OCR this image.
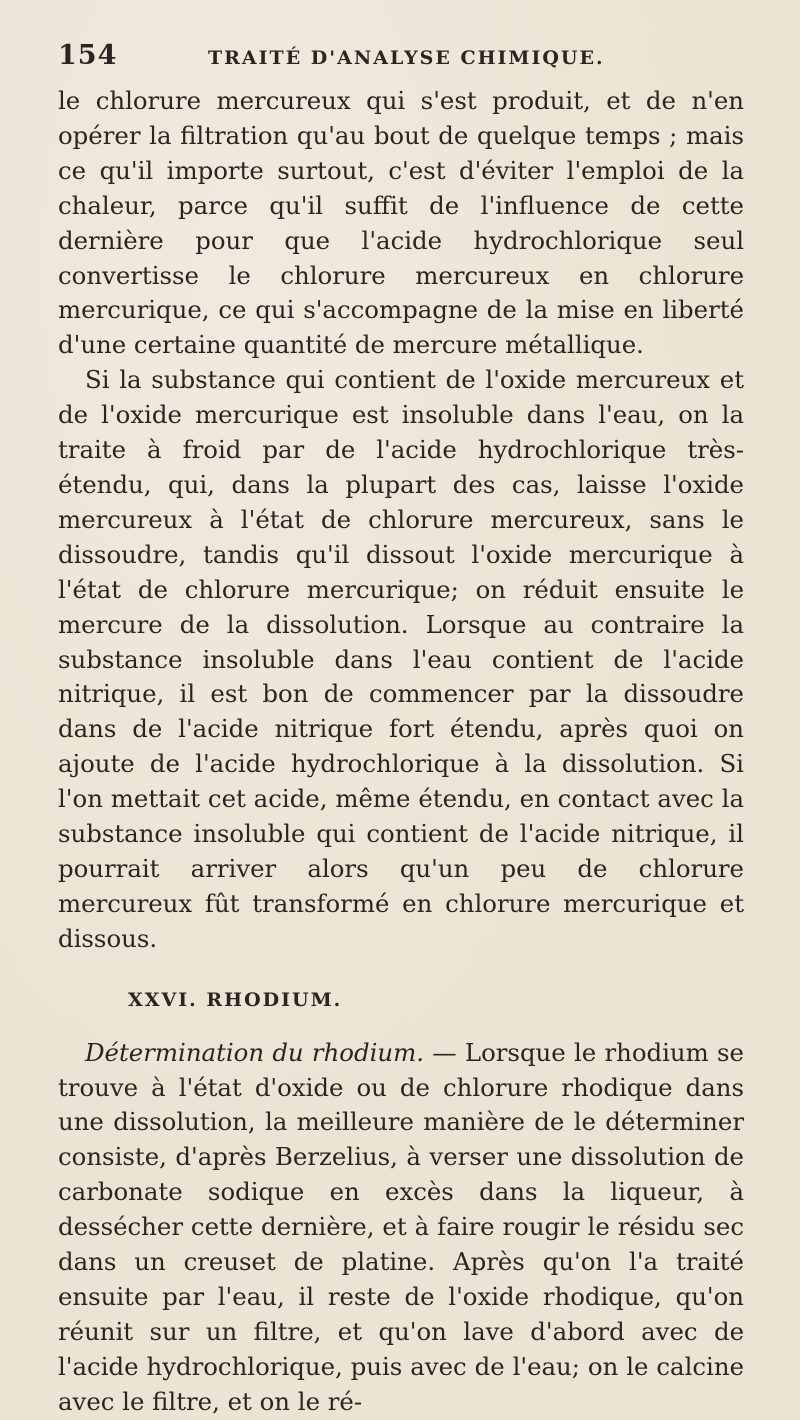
154	TRAITÉ D'ANALYSE CHIMIQUE.

le chlorure mercureux qui s'est produit, et de n'en opérer la filtration qu'au bout de quelque temps ; mais ce qu'il importe surtout, c'est d'éviter l'emploi de la chaleur, parce qu'il suffit de l'influence de cette dernière pour que l'acide hydrochlorique seul convertisse le chlorure mercureux en chlorure mercurique, ce qui s'accompagne de la mise en liberté d'une certaine quantité de mercure métallique.

Si la substance qui contient de l'oxide mercureux et de l'oxide mercurique est insoluble dans l'eau, on la traite à froid par de l'acide hydrochlorique très-étendu, qui, dans la plupart des cas, laisse l'oxide mercureux à l'état de chlorure mercureux, sans le dissoudre, tandis qu'il dissout l'oxide mercurique à l'état de chlorure mercurique; on réduit ensuite le mercure de la dissolution. Lorsque au contraire la substance insoluble dans l'eau contient de l'acide nitrique, il est bon de commencer par la dissoudre dans de l'acide nitrique fort étendu, après quoi on ajoute de l'acide hydrochlorique à la dissolution. Si l'on mettait cet acide, même étendu, en contact avec la substance insoluble qui contient de l'acide nitrique, il pourrait arriver alors qu'un peu de chlorure mercureux fût transformé en chlorure mercurique et dissous.

XXVI. RHODIUM.

Détermination du rhodium. — Lorsque le rhodium se trouve à l'état d'oxide ou de chlorure rhodique dans une dissolution, la meilleure manière de le déterminer consiste, d'après Berzelius, à verser une dissolution de carbonate sodique en excès dans la liqueur, à dessécher cette dernière, et à faire rougir le résidu sec dans un creuset de platine. Après qu'on l'a traité ensuite par l'eau, il reste de l'oxide rhodique, qu'on réunit sur un filtre, et qu'on lave d'abord avec de l'acide hydrochlorique, puis avec de l'eau; on le calcine avec le filtre, et on le ré-
